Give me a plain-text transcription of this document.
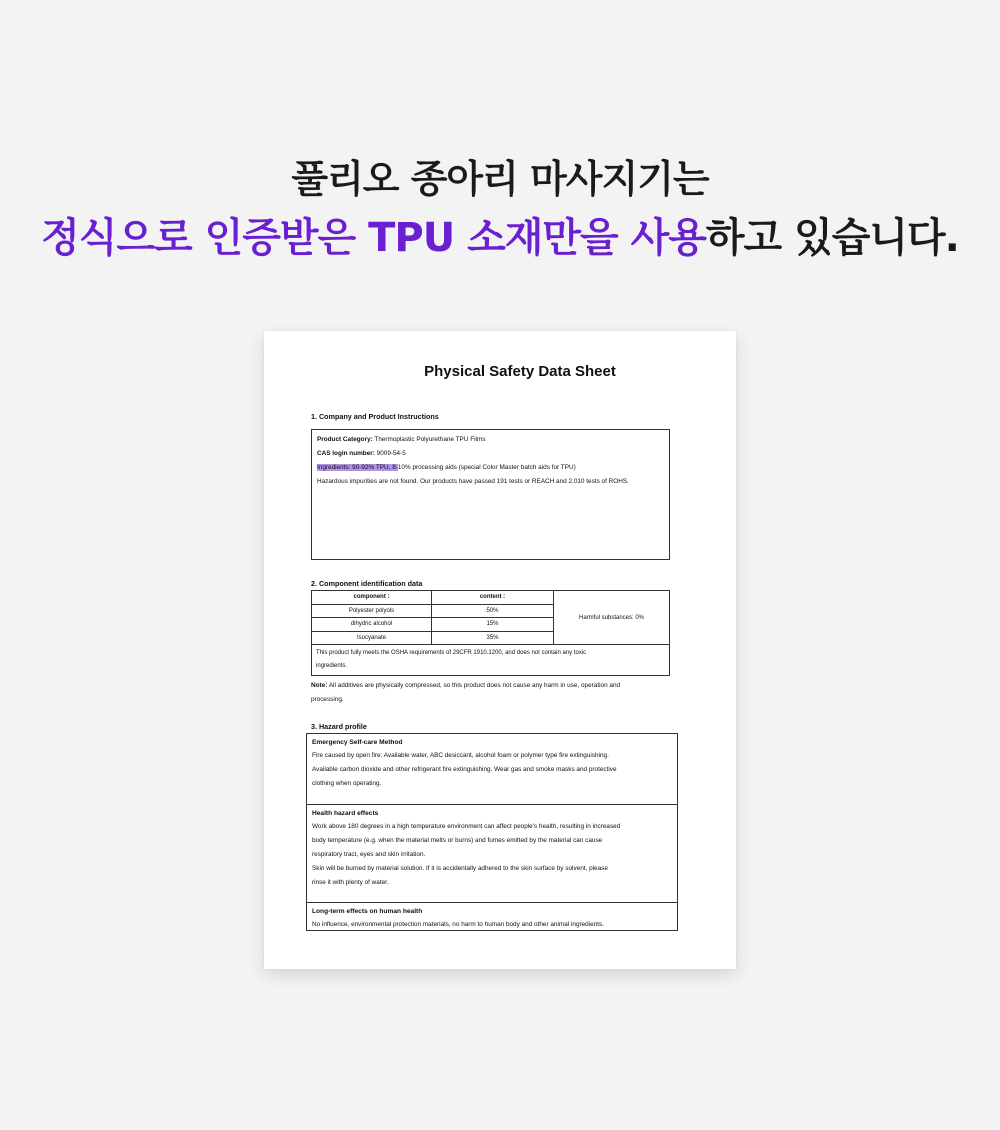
풀리오 종아리 마사지기는
정식으로 인증받은 TPU 소재만을 사용하고 있습니다.
Physical Safety Data Sheet
1. Company and Product Instructions
Product Category: Thermoplastic Polyurethane TPU Films
CAS login number: 9009-54-5
Ingredients: 90-92% TPU, 8-10% processing aids (special Color Master batch aids for TPU)
Hazardous impurities are not found. Our products have passed 191 tests or REACH and 2.010 tests of ROHS.
2. Component identification data
component :	content :	Harmful substances: 0%
Polyester polyols	50%	
dihydric alcohol	15%	
Isocyanate	35%	
This product fully meets the OSHA requirements of 29CFR 1910.1200, and does not contain any toxic
ingredients.		
Note: All additives are physically compressed, so this product does not cause any harm in use, operation and
processing.
3. Hazard profile
Emergency Self-care Method
Fire caused by open fire: Available water, ABC desiccant, alcohol foam or polymer type fire extinguishing.
Available carbon dioxide and other refrigerant fire extinguishing. Wear gas and smoke masks and protective
clothing when operating.
Health hazard effects
Work above 180 degrees in a high temperature environment can affect people's health, resulting in increased
body temperature (e.g. when the material melts or burns) and fumes emitted by the material can cause
respiratory tract, eyes and skin irritation.
Skin will be burned by material solution. If it is accidentally adhered to the skin surface by solvent, please
rinse it with plenty of water.
Long-term effects on human health
No influence, environmental protection materials, no harm to human body and other animal ingredients.
